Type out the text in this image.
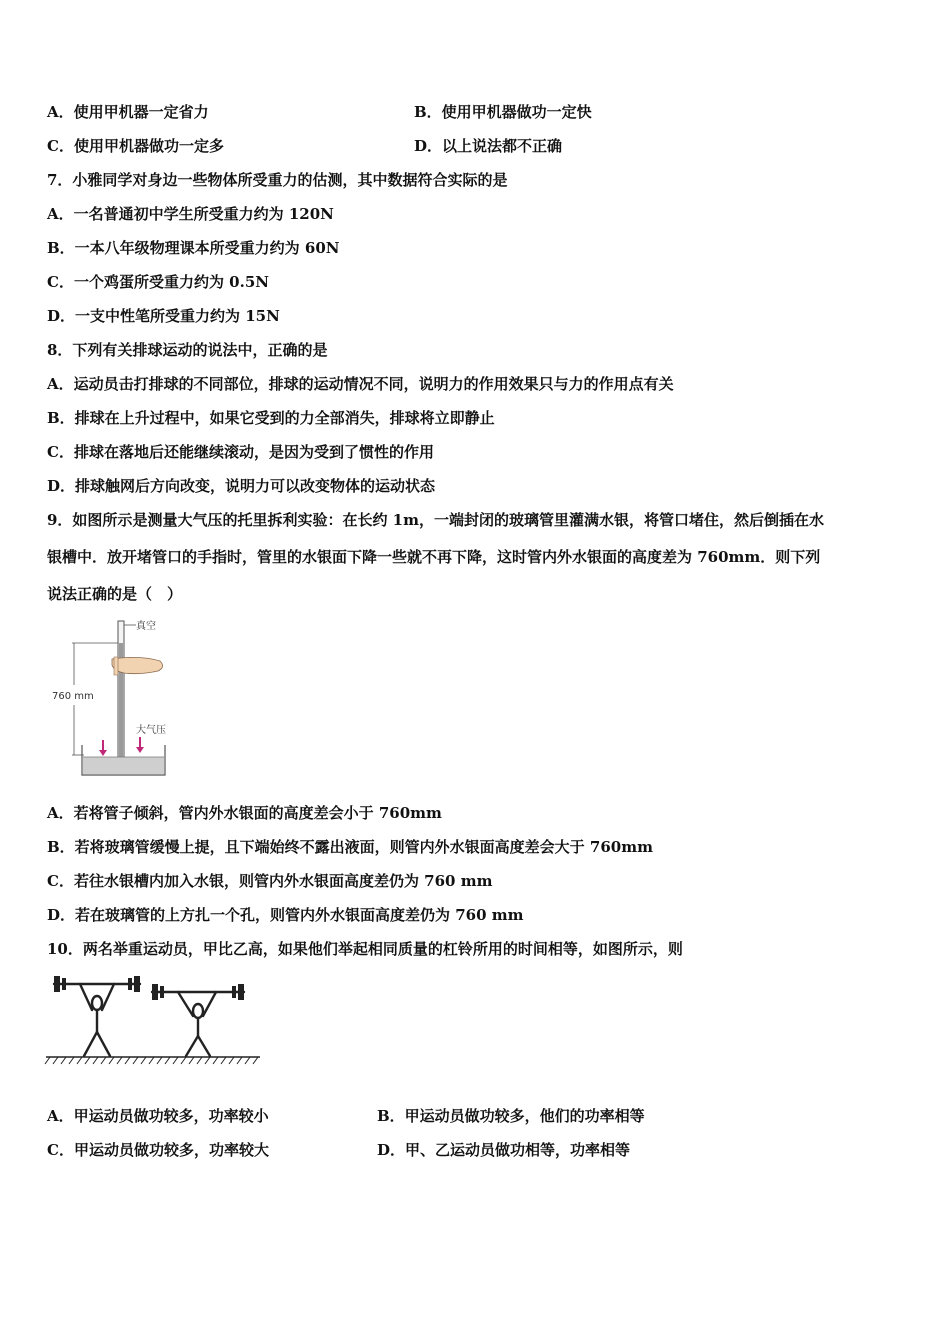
A．使用甲机器一定省力	B．使用甲机器做功一定快
C．使用甲机器做功一定多	D．以上说法都不正确
7．小雅同学对身边一些物体所受重力的估测，其中数据符合实际的是
A．一名普通初中学生所受重力约为 120N
B．一本八年级物理课本所受重力约为 60N
C．一个鸡蛋所受重力约为 0.5N
D．一支中性笔所受重力约为 15N
8．下列有关排球运动的说法中，正确的是
A．运动员击打排球的不同部位，排球的运动情况不同，说明力的作用效果只与力的作用点有关
B．排球在上升过程中，如果它受到的力全部消失，排球将立即静止
C．排球在落地后还能继续滚动，是因为受到了惯性的作用
D．排球触网后方向改变，说明力可以改变物体的运动状态
9．如图所示是测量大气压的托里拆利实验：在长约 1m，一端封闭的玻璃管里灌满水银，将管口堵住，然后倒插在水
银槽中．放开堵管口的手指时，管里的水银面下降一些就不再下降，这时管内外水银面的高度差为 760mm．则下列
说法正确的是（　）
真空
760 mm
大气压
A．若将管子倾斜，管内外水银面的高度差会小于 760mm
B．若将玻璃管缓慢上提，且下端始终不露出液面，则管内外水银面高度差会大于 760mm
C．若往水银槽内加入水银，则管内外水银面高度差仍为 760 mm
D．若在玻璃管的上方扎一个孔，则管内外水银面高度差仍为 760 mm
10．两名举重运动员，甲比乙高，如果他们举起相同质量的杠铃所用的时间相等，如图所示，则
A．甲运动员做功较多，功率较小	B．甲运动员做功较多，他们的功率相等
C．甲运动员做功较多，功率较大	D．甲、乙运动员做功相等，功率相等
